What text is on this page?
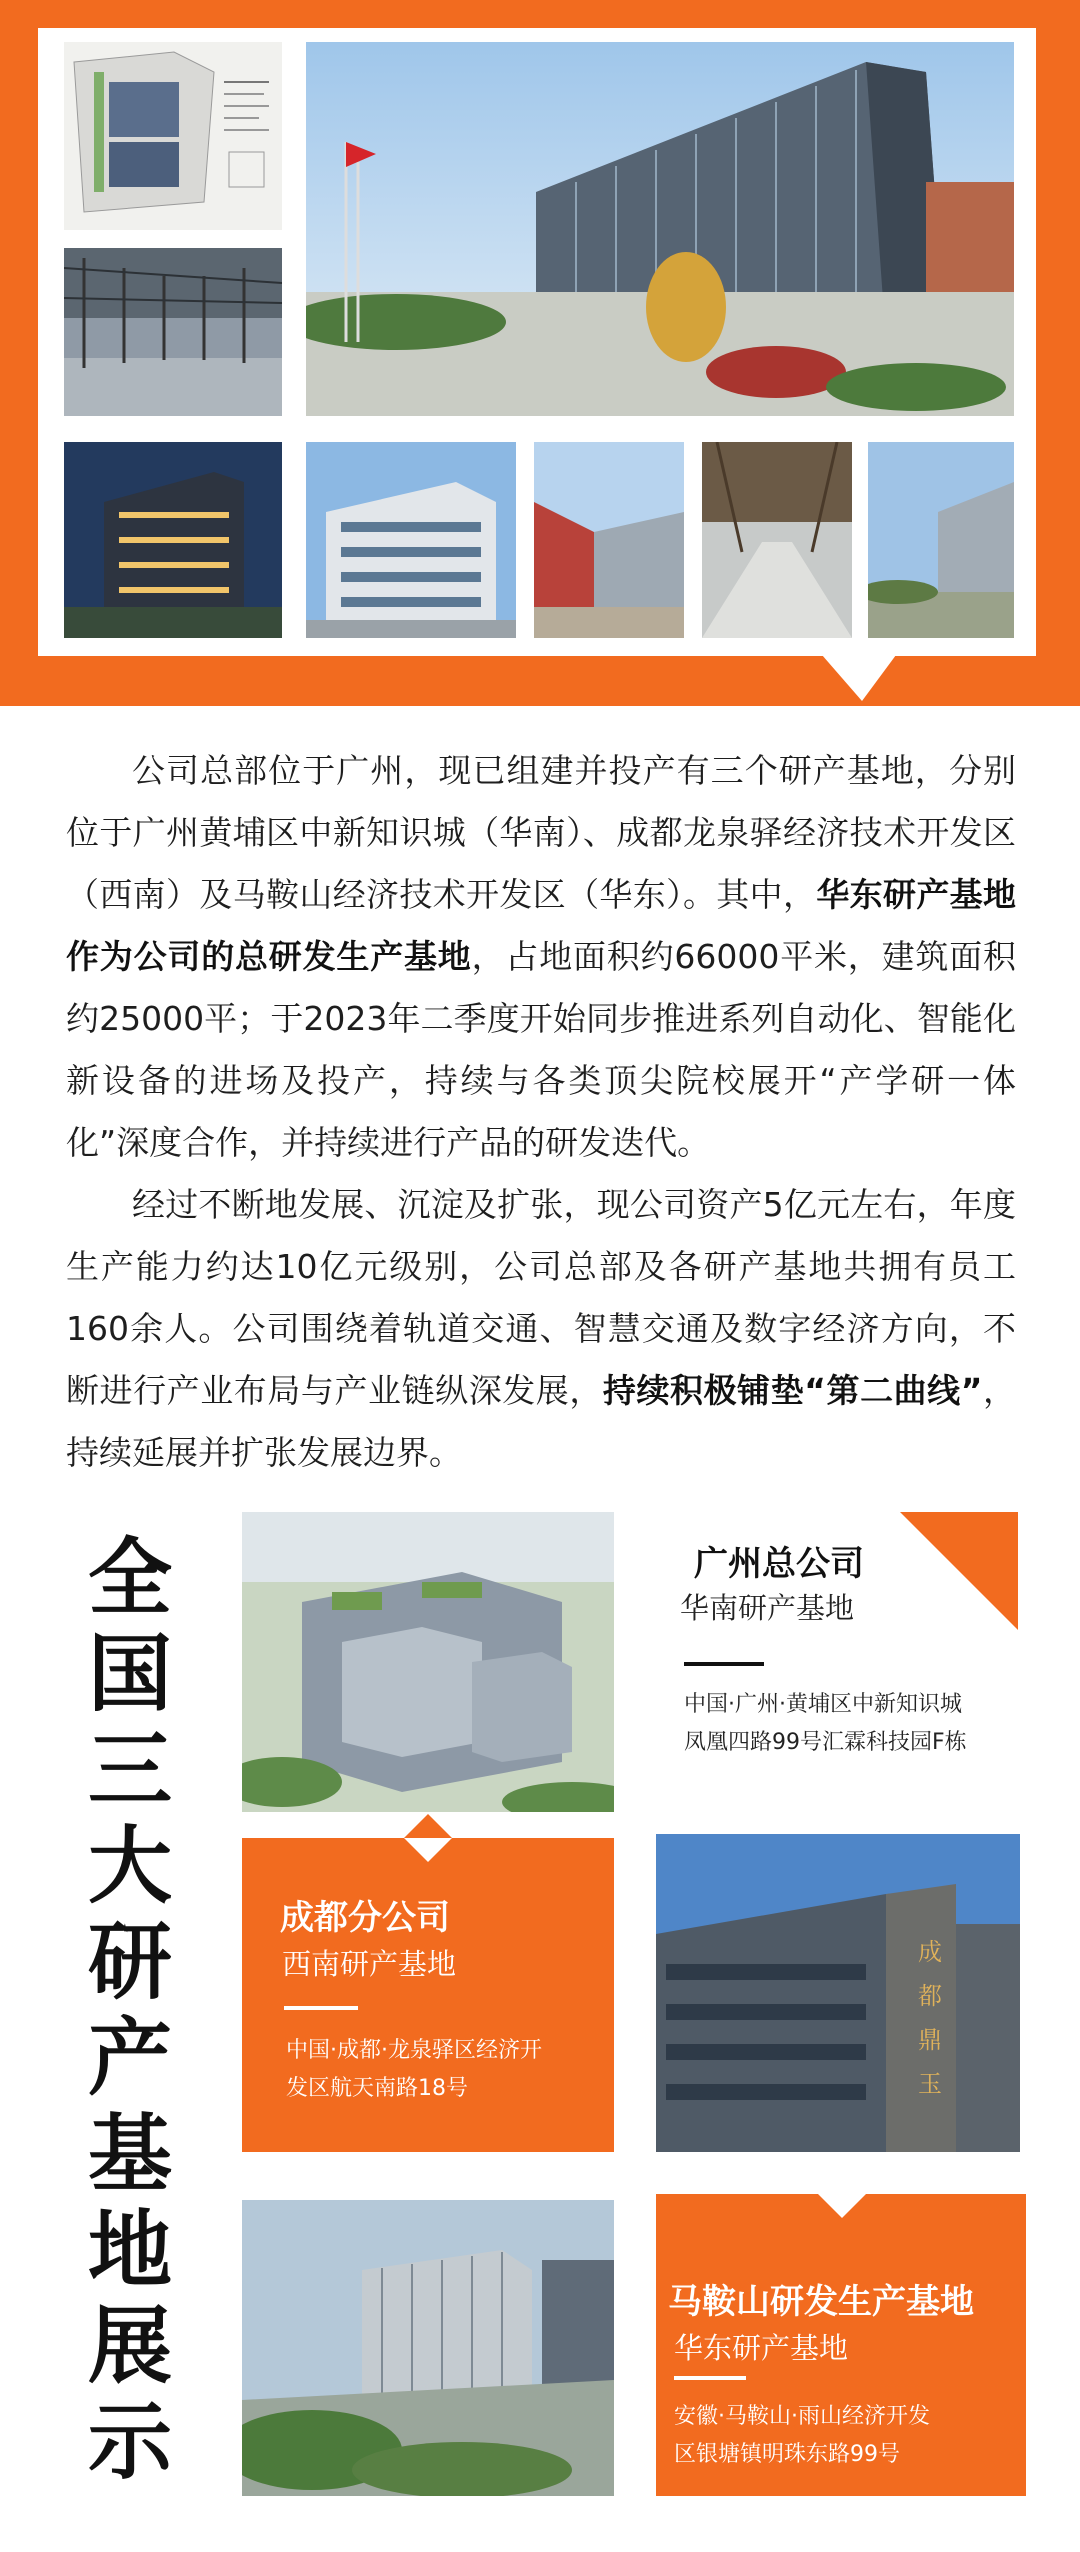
公司总部位于广州，现已组建并投产有三个研产基地，分别位于广州黄埔区中新知识城（华南）、成都龙泉驿经济技术开发区（西南）及马鞍山经济技术开发区（华东）。其中，华东研产基地作为公司的总研发生产基地，占地面积约66000平米，建筑面积约25000平；于2023年二季度开始同步推进系列自动化、智能化新设备的进场及投产，持续与各类顶尖院校展开“产学研一体化”深度合作，并持续进行产品的研发迭代。

经过不断地发展、沉淀及扩张，现公司资产5亿元左右，年度生产能力约达10亿元级别，公司总部及各研产基地共拥有员工160余人。公司围绕着轨道交通、智慧交通及数字经济方向，不断进行产业布局与产业链纵深发展，持续积极铺垫“第二曲线”，持续延展并扩张发展边界。

全
国
三
大
研
产
基
地
展
示
广州总公司
华南研产基地
中国·广州·黄埔区中新知识城
凤凰四路99号汇霖科技园F栋
成都分公司
西南研产基地
中国·成都·龙泉驿区经济开
发区航天南路18号
成
都
鼎
玉
马鞍山研发生产基地
华东研产基地
安徽·马鞍山·雨山经济开发
区银塘镇明珠东路99号
